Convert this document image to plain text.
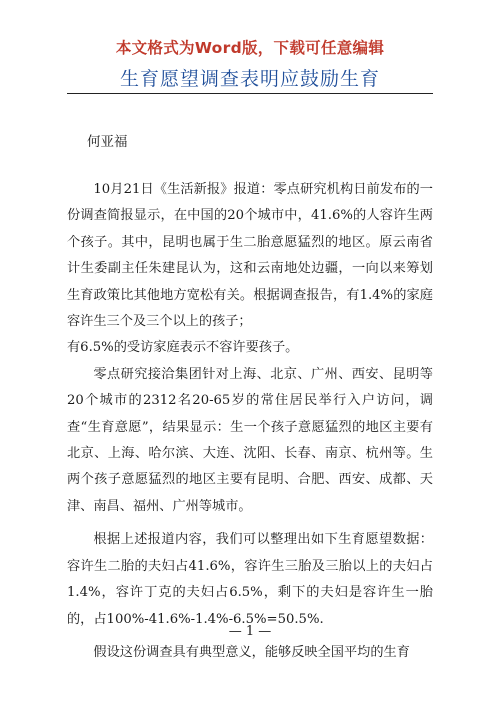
本文格式为Word版，下载可任意编辑
生育愿望调查表明应鼓励生育
何亚福

10月21日《生活新报》报道：零点研究机构日前发布的一份调查简报显示，在中国的20个城市中，41.6%的人容许生两个孩子。其中，昆明也属于生二胎意愿猛烈的地区。原云南省计生委副主任朱建昆认为，这和云南地处边疆，一向以来筹划生育政策比其他地方宽松有关。根据调查报告，有1.4%的家庭容许生三个及三个以上的孩子；

有6.5%的受访家庭表示不容许要孩子。

零点研究接洽集团针对上海、北京、广州、西安、昆明等20个城市的2312名20-65岁的常住居民举行入户访问，调查“生育意愿”，结果显示：生一个孩子意愿猛烈的地区主要有北京、上海、哈尔滨、大连、沈阳、长春、南京、杭州等。生两个孩子意愿猛烈的地区主要有昆明、合肥、西安、成都、天津、南昌、福州、广州等城市。

根据上述报道内容，我们可以整理出如下生育愿望数据：容许生二胎的夫妇占41.6%，容许生三胎及三胎以上的夫妇占1.4%，容许丁克的夫妇占6.5%，剩下的夫妇是容许生一胎的，占100%-41.6%-1.4%-6.5%=50.5%.

假设这份调查具有典型意义，能够反映全国平均的生育

— 1 —
